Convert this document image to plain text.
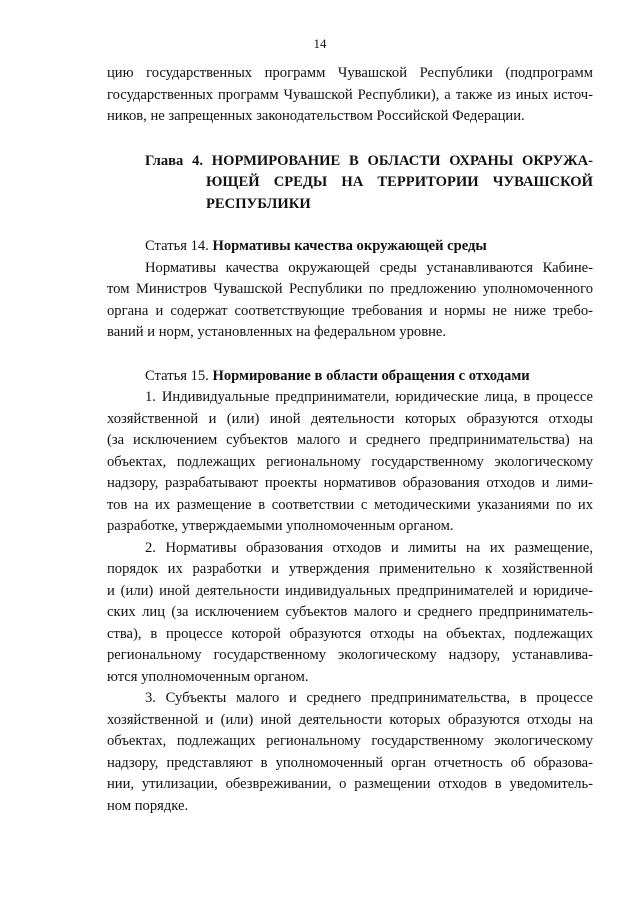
14
цию государственных программ Чувашской Республики (подпрограмм
государственных программ Чувашской Республики), а также из иных источ-
ников, не запрещенных законодательством Российской Федерации.
Глава 4. НОРМИРОВАНИЕ В ОБЛАСТИ ОХРАНЫ ОКРУЖА-
ЮЩЕЙ СРЕДЫ НА ТЕРРИТОРИИ ЧУВАШСКОЙ
РЕСПУБЛИКИ
Статья 14. Нормативы качества окружающей среды
Нормативы качества окружающей среды устанавливаются Кабине-
том Министров Чувашской Республики по предложению уполномоченного
органа и содержат соответствующие требования и нормы не ниже требо-
ваний и норм, установленных на федеральном уровне.
Статья 15. Нормирование в области обращения с отходами
1. Индивидуальные предприниматели, юридические лица, в процессе
хозяйственной и (или) иной деятельности которых образуются отходы
(за исключением субъектов малого и среднего предпринимательства) на
объектах, подлежащих региональному государственному экологическому
надзору, разрабатывают проекты нормативов образования отходов и лими-
тов на их размещение в соответствии с методическими указаниями по их
разработке, утверждаемыми уполномоченным органом.
2. Нормативы образования отходов и лимиты на их размещение,
порядок их разработки и утверждения применительно к хозяйственной
и (или) иной деятельности индивидуальных предпринимателей и юридиче-
ских лиц (за исключением субъектов малого и среднего предприниматель-
ства), в процессе которой образуются отходы на объектах, подлежащих
региональному государственному экологическому надзору, устанавлива-
ются уполномоченным органом.
3. Субъекты малого и среднего предпринимательства, в процессе
хозяйственной и (или) иной деятельности которых образуются отходы на
объектах, подлежащих региональному государственному экологическому
надзору, представляют в уполномоченный орган отчетность об образова-
нии, утилизации, обезвреживании, о размещении отходов в уведомитель-
ном порядке.
